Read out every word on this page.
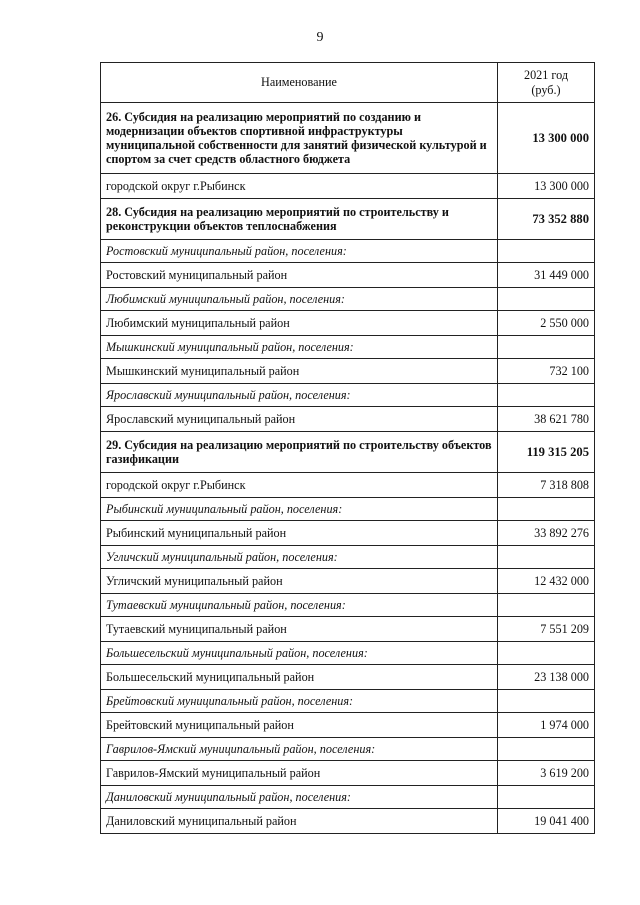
9
Наименование	2021 год
(руб.)
26. Субсидия на реализацию мероприятий по созданию и модернизации объектов спортивной инфраструктуры муниципальной собственности для занятий физической культурой и спортом за счет средств областного бюджета	13 300 000
городской округ г.Рыбинск	13 300 000
28. Субсидия на реализацию мероприятий по строительству и реконструкции объектов теплоснабжения	73 352 880
Ростовский муниципальный район, поселения:	
Ростовский муниципальный район	31 449 000
Любимский муниципальный район, поселения:	
Любимский муниципальный район	2 550 000
Мышкинский муниципальный район, поселения:	
Мышкинский муниципальный район	732 100
Ярославский муниципальный район, поселения:	
Ярославский муниципальный район	38 621 780
29. Субсидия на реализацию мероприятий по строительству объектов газификации	119 315 205
городской округ г.Рыбинск	7 318 808
Рыбинский муниципальный район, поселения:	
Рыбинский муниципальный район	33 892 276
Угличский муниципальный район, поселения:	
Угличский муниципальный район	12 432 000
Тутаевский муниципальный район, поселения:	
Тутаевский муниципальный район	7 551 209
Большесельский муниципальный район, поселения:	
Большесельский муниципальный район	23 138 000
Брейтовский муниципальный район, поселения:	
Брейтовский муниципальный район	1 974 000
Гаврилов-Ямский муниципальный район, поселения:	
Гаврилов-Ямский муниципальный район	3 619 200
Даниловский муниципальный район, поселения:	
Даниловский муниципальный район	19 041 400
